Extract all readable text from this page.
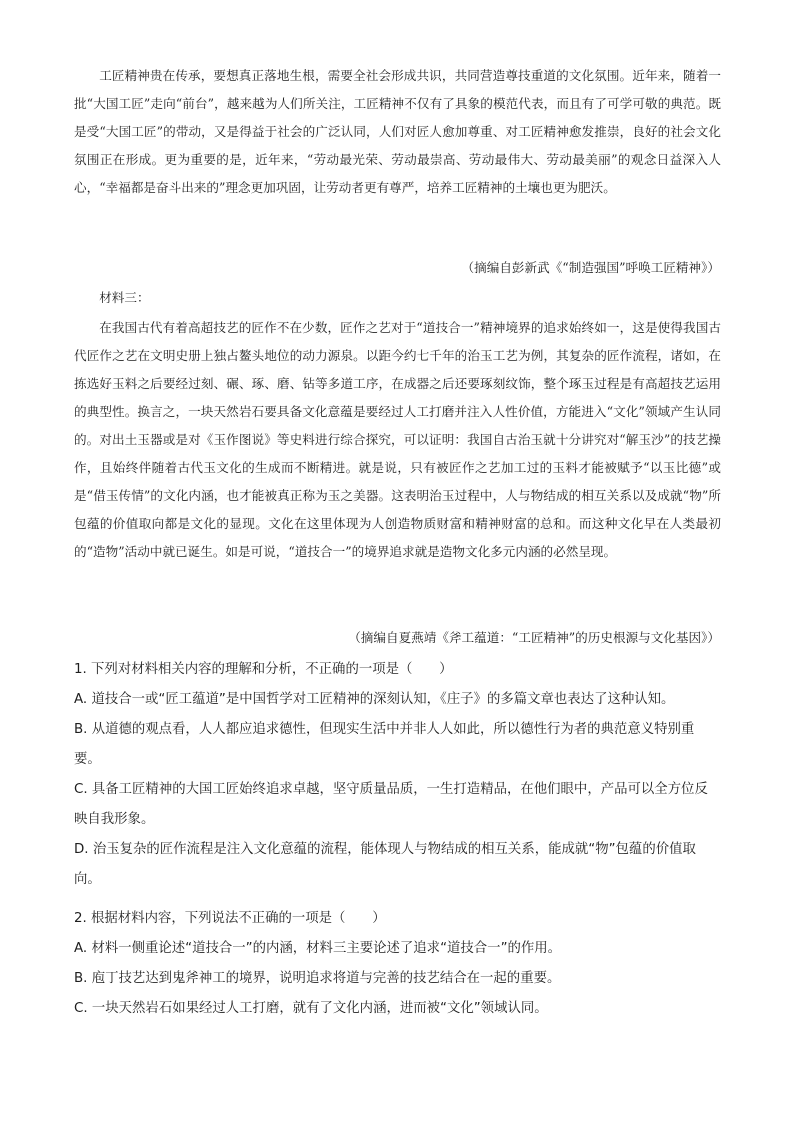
工匠精神贵在传承，要想真正落地生根，需要全社会形成共识，共同营造尊技重道的文化氛围。近年来，随着一批“大国工匠”走向“前台”，越来越为人们所关注，工匠精神不仅有了具象的模范代表，而且有了可学可敬的典范。既是受“大国工匠”的带动，又是得益于社会的广泛认同，人们对匠人愈加尊重、对工匠精神愈发推崇，良好的社会文化氛围正在形成。更为重要的是，近年来，“劳动最光荣、劳动最崇高、劳动最伟大、劳动最美丽”的观念日益深入人心，“幸福都是奋斗出来的”理念更加巩固，让劳动者更有尊严，培养工匠精神的土壤也更为肥沃。

（摘编自彭新武《“制造强国”呼唤工匠精神》）

材料三：

在我国古代有着高超技艺的匠作不在少数，匠作之艺对于“道技合一”精神境界的追求始终如一，这是使得我国古代匠作之艺在文明史册上独占鳌头地位的动力源泉。以距今约七千年的治玉工艺为例，其复杂的匠作流程，诸如，在拣选好玉料之后要经过刻、碾、琢、磨、钻等多道工序，在成器之后还要琢刻纹饰，整个琢玉过程是有高超技艺运用的典型性。换言之，一块天然岩石要具备文化意蕴是要经过人工打磨并注入人性价值，方能进入“文化”领域产生认同的。对出土玉器或是对《玉作图说》等史料进行综合探究，可以证明：我国自古治玉就十分讲究对“解玉沙”的技艺操作，且始终伴随着古代玉文化的生成而不断精进。就是说，只有被匠作之艺加工过的玉料才能被赋予“以玉比德”或是“借玉传情”的文化内涵，也才能被真正称为玉之美器。这表明治玉过程中，人与物结成的相互关系以及成就“物”所包蕴的价值取向都是文化的显现。文化在这里体现为人创造物质财富和精神财富的总和。而这种文化早在人类最初的“造物”活动中就已诞生。如是可说，“道技合一”的境界追求就是造物文化多元内涵的必然呈现。

（摘编自夏燕靖《斧工蕴道：“工匠精神”的历史根源与文化基因》）

1. 下列对材料相关内容的理解和分析，不正确的一项是（　　）

A. 道技合一或“匠工蕴道”是中国哲学对工匠精神的深刻认知，《庄子》的多篇文章也表达了这种认知。

B. 从道德的观点看，人人都应追求德性，但现实生活中并非人人如此，所以德性行为者的典范意义特别重要。

C. 具备工匠精神的大国工匠始终追求卓越，坚守质量品质，一生打造精品，在他们眼中，产品可以全方位反映自我形象。

D. 治玉复杂的匠作流程是注入文化意蕴的流程，能体现人与物结成的相互关系，能成就“物”包蕴的价值取向。

2. 根据材料内容，下列说法不正确的一项是（　　）

A. 材料一侧重论述“道技合一”的内涵，材料三主要论述了追求“道技合一”的作用。

B. 庖丁技艺达到鬼斧神工的境界，说明追求将道与完善的技艺结合在一起的重要。

C. 一块天然岩石如果经过人工打磨，就有了文化内涵，进而被“文化”领域认同。
